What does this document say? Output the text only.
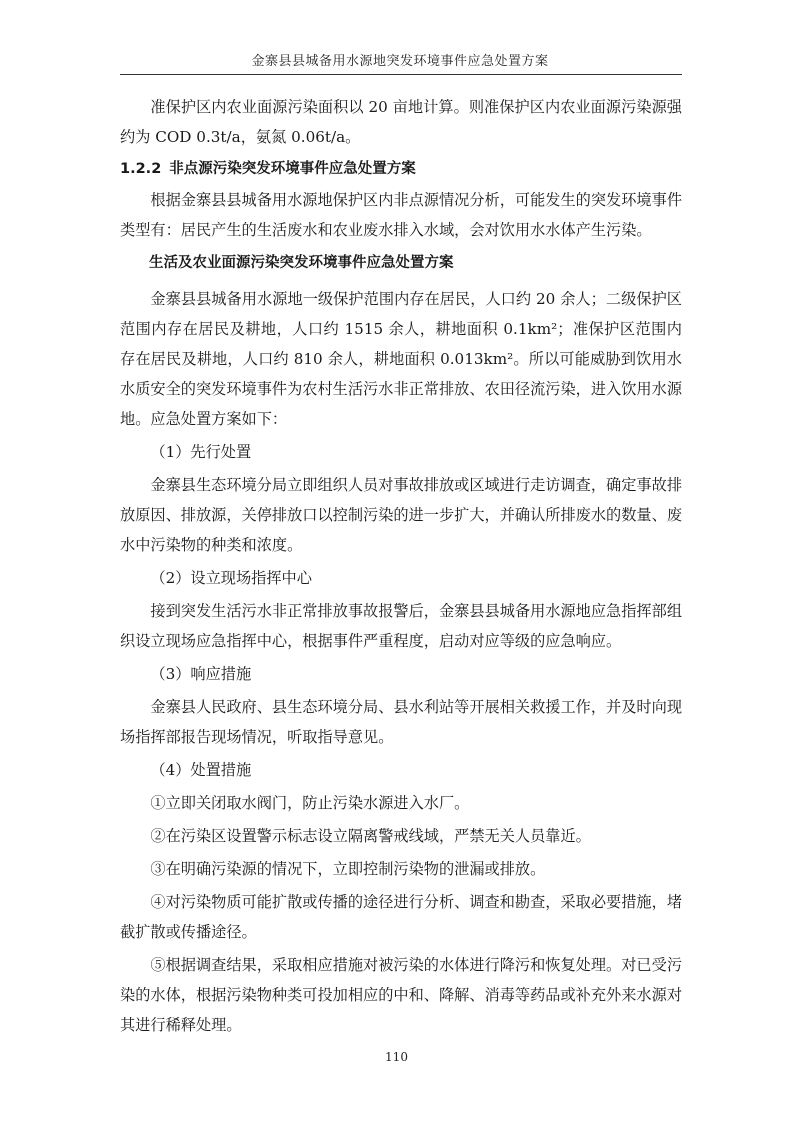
金寨县县城备用水源地突发环境事件应急处置方案

准保护区内农业面源污染面积以 20 亩地计算。则准保护区内农业面源污染源强约为 COD 0.3t/a，氨氮 0.06t/a。

1.2.2 非点源污染突发环境事件应急处置方案

根据金寨县县城备用水源地保护区内非点源情况分析，可能发生的突发环境事件类型有：居民产生的生活废水和农业废水排入水域，会对饮用水水体产生污染。

生活及农业面源污染突发环境事件应急处置方案

金寨县县城备用水源地一级保护范围内存在居民，人口约 20 余人；二级保护区范围内存在居民及耕地，人口约 1515 余人，耕地面积 0.1km²；准保护区范围内存在居民及耕地，人口约 810 余人，耕地面积 0.013km²。所以可能威胁到饮用水水质安全的突发环境事件为农村生活污水非正常排放、农田径流污染，进入饮用水源地。应急处置方案如下：

（1）先行处置

金寨县生态环境分局立即组织人员对事故排放或区域进行走访调查，确定事故排放原因、排放源，关停排放口以控制污染的进一步扩大，并确认所排废水的数量、废水中污染物的种类和浓度。

（2）设立现场指挥中心

接到突发生活污水非正常排放事故报警后，金寨县县城备用水源地应急指挥部组织设立现场应急指挥中心，根据事件严重程度，启动对应等级的应急响应。

（3）响应措施

金寨县人民政府、县生态环境分局、县水利站等开展相关救援工作，并及时向现场指挥部报告现场情况，听取指导意见。

（4）处置措施

①立即关闭取水阀门，防止污染水源进入水厂。

②在污染区设置警示标志设立隔离警戒线域，严禁无关人员靠近。

③在明确污染源的情况下，立即控制污染物的泄漏或排放。

④对污染物质可能扩散或传播的途径进行分析、调查和勘查，采取必要措施，堵截扩散或传播途径。

⑤根据调查结果，采取相应措施对被污染的水体进行降污和恢复处理。对已受污染的水体，根据污染物种类可投加相应的中和、降解、消毒等药品或补充外来水源对其进行稀释处理。

110
